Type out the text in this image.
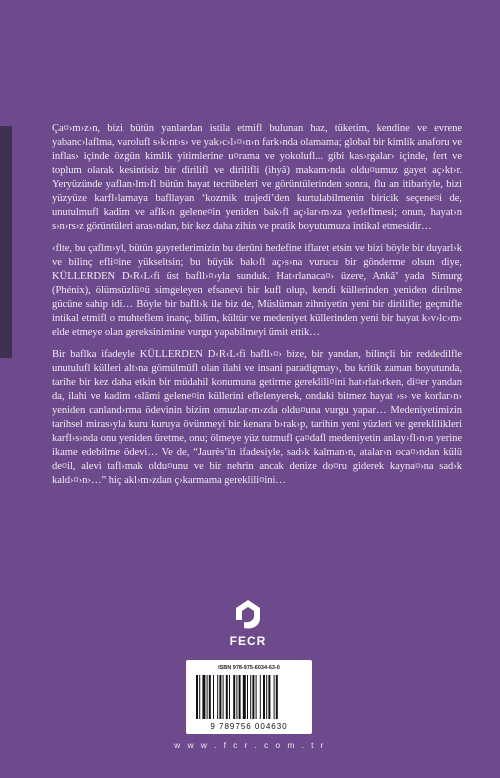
Ça¤›m›z›n, bizi bütün yanlardan istila etmifl bulunan haz, tüketim, kendine ve evrene yabanc›laflma, varolufl s›k›nt›s› ve yak›c›l›¤›n›n fark›nda olamama; global bir kimlik anaforu ve inflas› içinde özgün kimlik yitimlerine u¤rama ve yokolufl... gibi kas›rgalar› içinde, fert ve toplum olarak kesintisiz bir dirilifl ve dirilifli (ihyâ) makam›nda oldu¤umuz gayet aç›kt›r. Yeryüzünde yaflan›lm›fl bütün hayat tecrübeleri ve görüntülerinden sonra, flu an itibariyle, bizi yüzyüze karfl›lamaya bafllayan ‘kozmik trajedi’den kurtulabilmenin biricik seçene¤i de, unutulmufl kadim ve aflk›n gelene¤in yeniden bak›fl aç›lar›m›za yerleflmesi; onun, hayat›n s›n›rs›z görüntüleri aras›ndan, bir kez daha zihin ve pratik boyutumuza intikal etmesidir…

‹flte, bu çaflm›yl, bütün gayretlerimizin bu derûni hedefine iflaret etsin ve bizi böyle bir duyarl›k ve bilinç efli¤ine yükseltsin; bu büyük bak›fl aç›s›na vurucu bir gönderme olsun diye, KÜLLERDEN D‹R‹L‹fi üst bafll›¤›yla sunduk. Hat›rlanaca¤› üzere, Ankâ’ yada Simurg (Phénix), ölümsüzlü¤ü simgeleyen efsanevi bir kufl olup, kendi küllerinden yeniden dirilme gücüne sahip idi… Böyle bir bafll›k ile biz de, Müslüman zihniyetin yeni bir dirilifle; geçmifle intikal etmifl o muhteflem inanç, bilim, kültür ve medeniyet küllerinden yeni bir hayat k›v›lc›m› elde etmeye olan gereksinimine vurgu yapabilmeyi ümit ettik…

Bir baflka ifadeyle KÜLLERDEN D‹R‹L‹fi bafll›¤› bize, bir yandan, bilinçli bir reddedilfle unutulufl külleri alt›na gömülmüfl olan ilahi ve insani paradigmay›, bu kritik zaman boyutunda, tarihe bir kez daha etkin bir müdahil konumuna getirme gereklili¤ini hat›rlat›rken, di¤er yandan da, ilahi ve kadim ‹slâmi gelene¤in küllerini eflelenyerek, ondaki bitmez hayat ›s› ve korlar›n› yeniden canland›rma ödevinin bizim omuzlar›m›zda oldu¤una vurgu yapar… Medeniyetimizin tarihsel miras›yla kuru kuruya övünmeyi bir kenara b›rak›p, tarihin yeni yüzleri ve gereklilikleri karfl›s›nda onu yeniden üretme, onu; ölmeye yüz tutmufl ça¤dafl medeniyetin anlay›fl›n›n yerine ikame edebilme ödevi… Ve de, “Jaurès’in ifadesiyle, sad›k kalman›n, atalar›n oca¤›ndan külü de¤il, alevi tafl›mak oldu¤unu ve bir nehrin ancak denize do¤ru giderek kayna¤›na sad›k kald›¤›n›…” hiç akl›m›zdan ç›karmama gereklili¤ini…

FECR
ISBN 978-975-6034-63-0
9 789756 004630
w w w . f c r . c o m . t r
